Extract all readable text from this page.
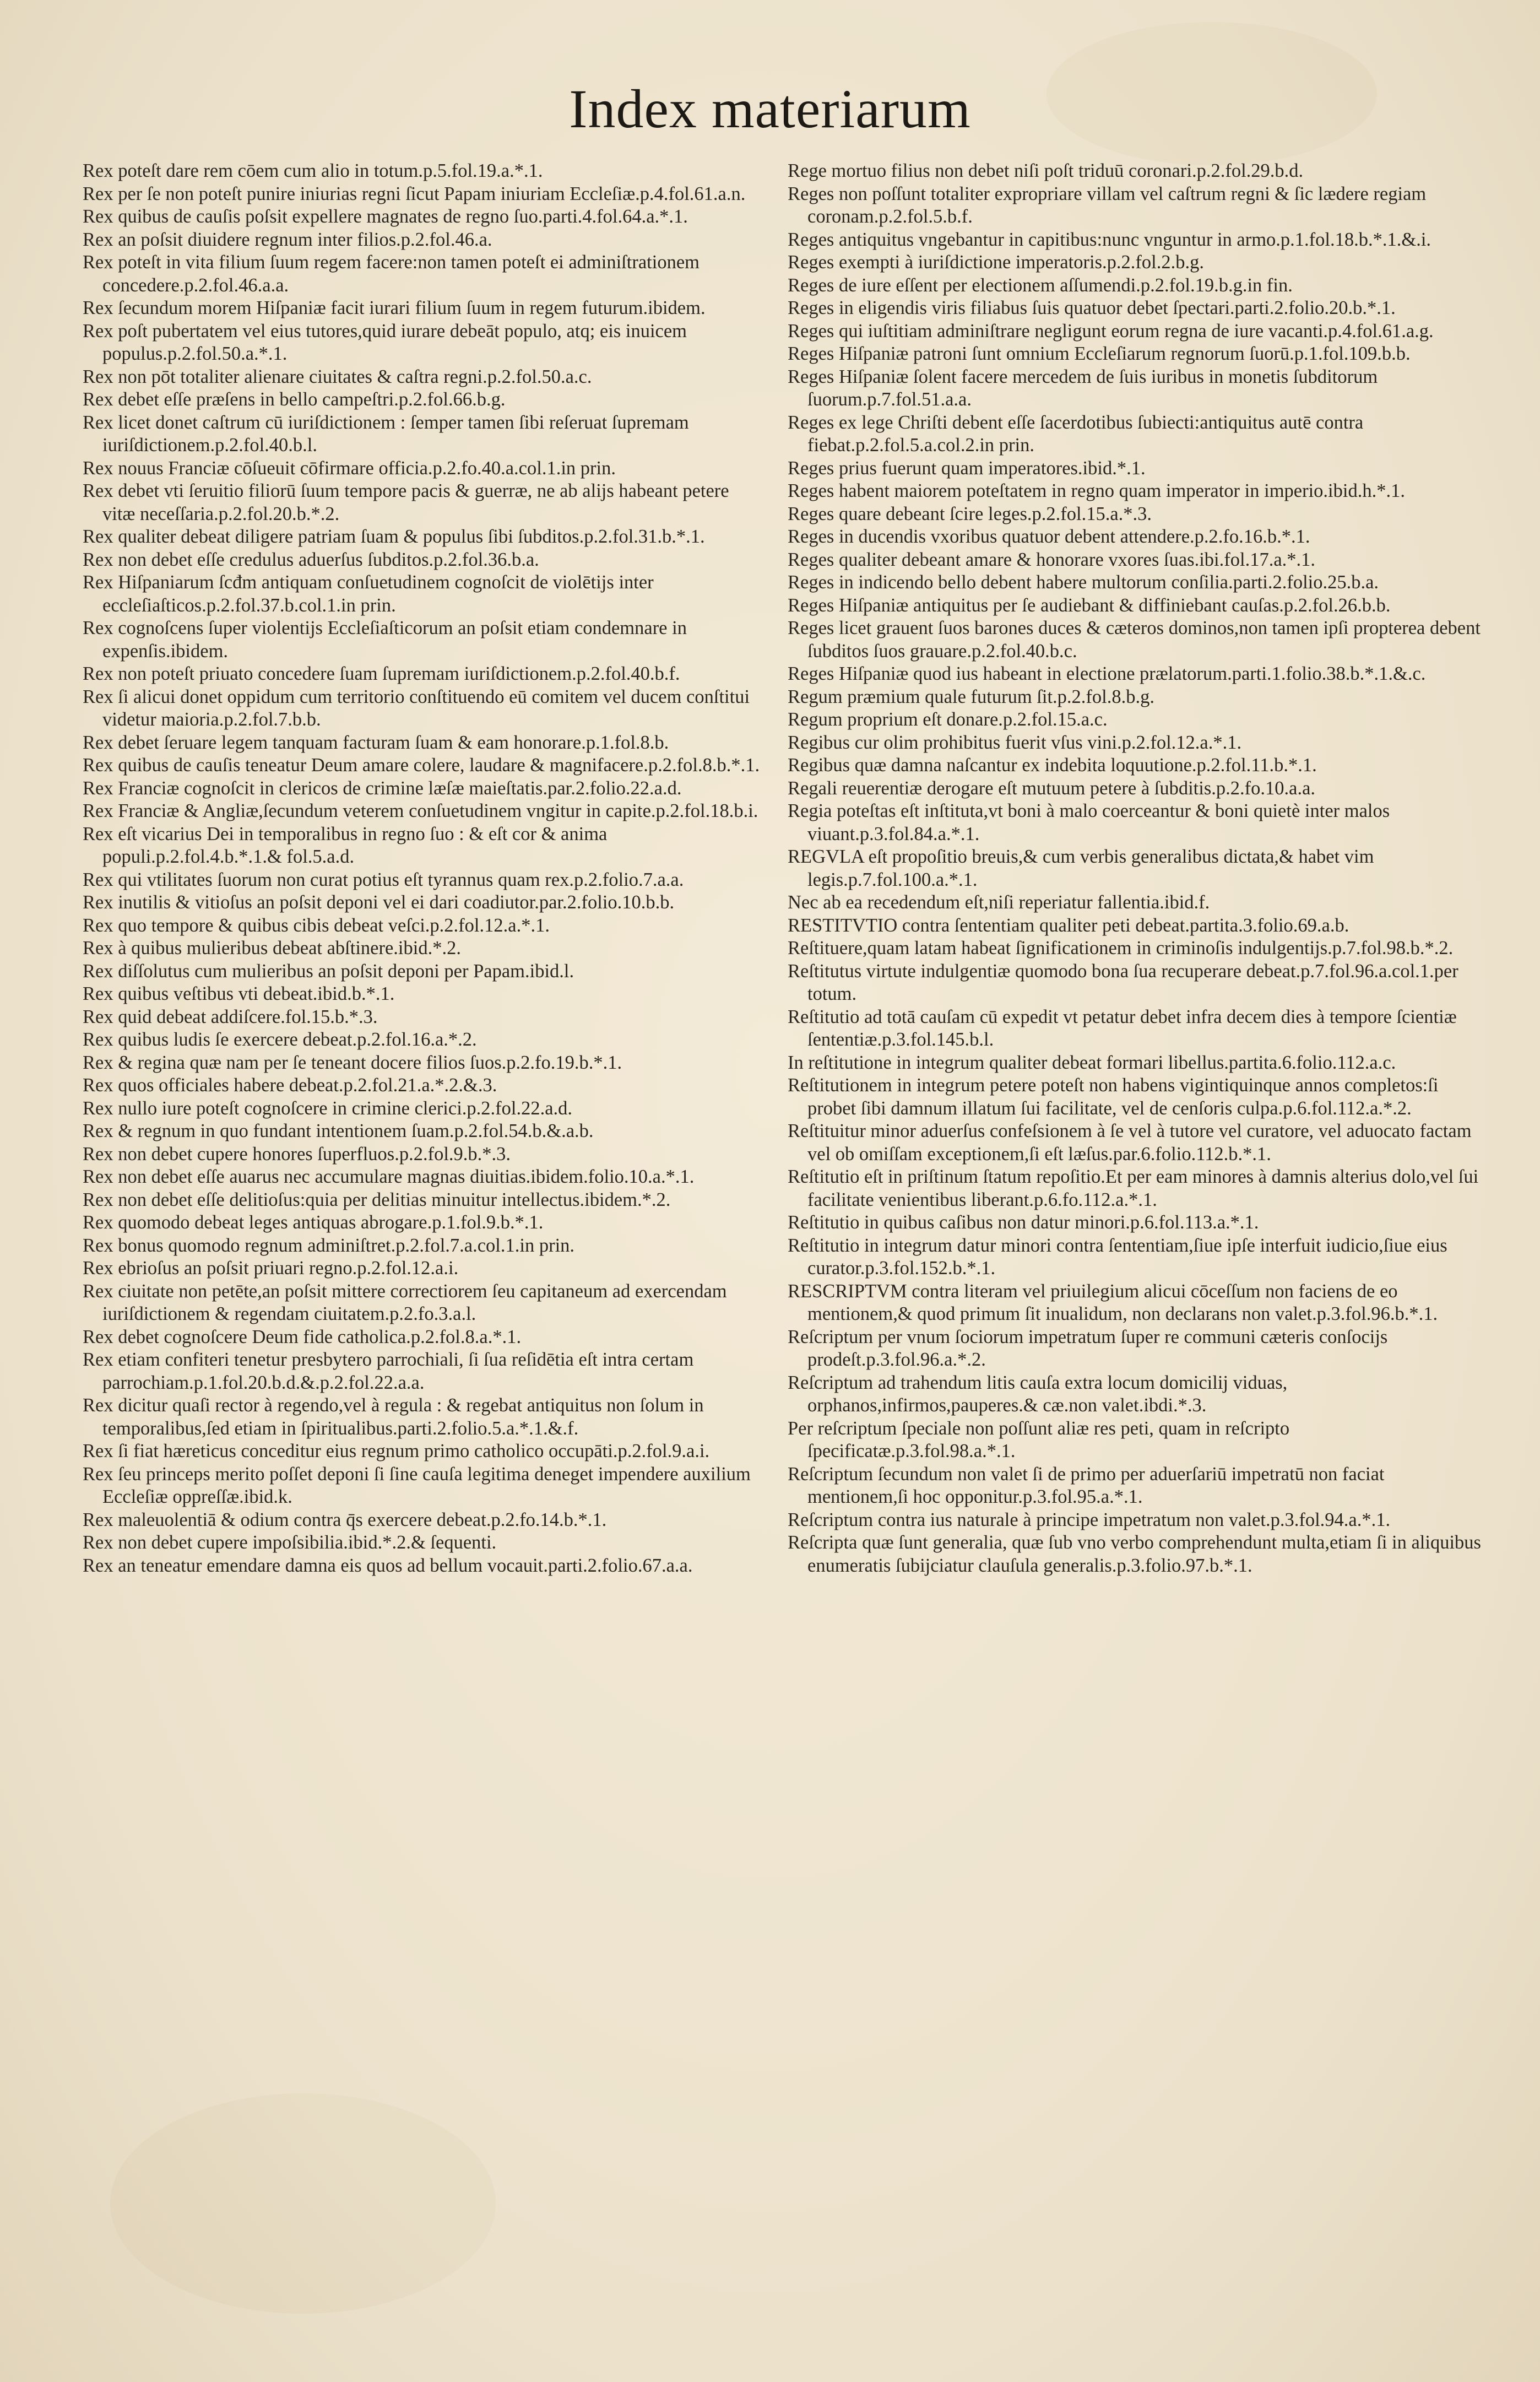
Index materiarum
Rex poteſt dare rem cōem cum alio in totum.p.5.fol.19.a.*.1.
Rex per ſe non poteſt punire iniurias regni ſicut Papam iniuriam Eccleſiæ.p.4.fol.61.a.n.
Rex quibus de cauſis poſsit expellere magnates de regno ſuo.parti.4.fol.64.a.*.1.
Rex an poſsit diuidere regnum inter filios.p.2.fol.46.a.
Rex poteſt in vita filium ſuum regem facere:non tamen poteſt ei adminiſtrationem concedere.p.2.fol.46.a.a.
Rex ſecundum morem Hiſpaniæ facit iurari filium ſuum in regem futurum.ibidem.
Rex poſt pubertatem vel eius tutores,quid iurare debeāt populo, atq; eis inuicem populus.p.2.fol.50.a.*.1.
Rex non pōt totaliter alienare ciuitates & caſtra regni.p.2.fol.50.a.c.
Rex debet eſſe præſens in bello campeſtri.p.2.fol.66.b.g.
Rex licet donet caſtrum cū iuriſdictionem : ſemper tamen ſibi reſeruat ſupremam iuriſdictionem.p.2.fol.40.b.l.
Rex nouus Franciæ cōſueuit cōfirmare officia.p.2.fo.40.a.col.1.in prin.
Rex debet vti ſeruitio filiorū ſuum tempore pacis & guerræ, ne ab alijs habeant petere vitæ neceſſaria.p.2.fol.20.b.*.2.
Rex qualiter debeat diligere patriam ſuam & populus ſibi ſubditos.p.2.fol.31.b.*.1.
Rex non debet eſſe credulus aduerſus ſubditos.p.2.fol.36.b.a.
Rex Hiſpaniarum ſcđm antiquam conſuetudinem cognoſcit de violētijs inter eccleſiaſticos.p.2.fol.37.b.col.1.in prin.
Rex cognoſcens ſuper violentijs Eccleſiaſticorum an poſsit etiam condemnare in expenſis.ibidem.
Rex non poteſt priuato concedere ſuam ſupremam iuriſdictionem.p.2.fol.40.b.f.
Rex ſi alicui donet oppidum cum territorio conſtituendo eū comitem vel ducem conſtitui videtur maioria.p.2.fol.7.b.b.
Rex debet ſeruare legem tanquam facturam ſuam & eam honorare.p.1.fol.8.b.
Rex quibus de cauſis teneatur Deum amare colere, laudare & magnifacere.p.2.fol.8.b.*.1.
Rex Franciæ cognoſcit in clericos de crimine læſæ maieſtatis.par.2.folio.22.a.d.
Rex Franciæ & Angliæ,ſecundum veterem conſuetudinem vngitur in capite.p.2.fol.18.b.i.
Rex eſt vicarius Dei in temporalibus in regno ſuo : & eſt cor & anima populi.p.2.fol.4.b.*.1.& fol.5.a.d.
Rex qui vtilitates ſuorum non curat potius eſt tyrannus quam rex.p.2.folio.7.a.a.
Rex inutilis & vitioſus an poſsit deponi vel ei dari coadiutor.par.2.folio.10.b.b.
Rex quo tempore & quibus cibis debeat veſci.p.2.fol.12.a.*.1.
Rex à quibus mulieribus debeat abſtinere.ibid.*.2.
Rex diſſolutus cum mulieribus an poſsit deponi per Papam.ibid.l.
Rex quibus veſtibus vti debeat.ibid.b.*.1.
Rex quid debeat addiſcere.fol.15.b.*.3.
Rex quibus ludis ſe exercere debeat.p.2.fol.16.a.*.2.
Rex & regina quæ nam per ſe teneant docere filios ſuos.p.2.fo.19.b.*.1.
Rex quos officiales habere debeat.p.2.fol.21.a.*.2.&.3.
Rex nullo iure poteſt cognoſcere in crimine clerici.p.2.fol.22.a.d.
Rex & regnum in quo fundant intentionem ſuam.p.2.fol.54.b.&.a.b.
Rex non debet cupere honores ſuperfluos.p.2.fol.9.b.*.3.
Rex non debet eſſe auarus nec accumulare magnas diuitias.ibidem.folio.10.a.*.1.
Rex non debet eſſe delitioſus:quia per delitias minuitur intellectus.ibidem.*.2.
Rex quomodo debeat leges antiquas abrogare.p.1.fol.9.b.*.1.
Rex bonus quomodo regnum adminiſtret.p.2.fol.7.a.col.1.in prin.
Rex ebrioſus an poſsit priuari regno.p.2.fol.12.a.i.
Rex ciuitate non petēte,an poſsit mittere correctiorem ſeu capitaneum ad exercendam iuriſdictionem & regendam ciuitatem.p.2.fo.3.a.l.
Rex debet cognoſcere Deum fide catholica.p.2.fol.8.a.*.1.
Rex etiam confiteri tenetur presbytero parrochiali, ſi ſua reſidētia eſt intra certam parrochiam.p.1.fol.20.b.d.&.p.2.fol.22.a.a.
Rex dicitur quaſi rector à regendo,vel à regula : & regebat antiquitus non ſolum in temporalibus,ſed etiam in ſpiritualibus.parti.2.folio.5.a.*.1.&.f.
Rex ſi fiat hæreticus conceditur eius regnum primo catholico occupāti.p.2.fol.9.a.i.
Rex ſeu princeps merito poſſet deponi ſi ſine cauſa legitima deneget impendere auxilium Eccleſiæ oppreſſæ.ibid.k.
Rex maleuolentiā & odium contra q̄s exercere debeat.p.2.fo.14.b.*.1.
Rex non debet cupere impoſsibilia.ibid.*.2.& ſequenti.
Rex an teneatur emendare damna eis quos ad bellum vocauit.parti.2.folio.67.a.a.
Rege mortuo filius non debet niſi poſt triduū coronari.p.2.fol.29.b.d.
Reges non poſſunt totaliter expropriare villam vel caſtrum regni & ſic lædere regiam coronam.p.2.fol.5.b.f.
Reges antiquitus vngebantur in capitibus:nunc vnguntur in armo.p.1.fol.18.b.*.1.&.i.
Reges exempti à iuriſdictione imperatoris.p.2.fol.2.b.g.
Reges de iure eſſent per electionem aſſumendi.p.2.fol.19.b.g.in fin.
Reges in eligendis viris filiabus ſuis quatuor debet ſpectari.parti.2.folio.20.b.*.1.
Reges qui iuſtitiam adminiſtrare negligunt eorum regna de iure vacanti.p.4.fol.61.a.g.
Reges Hiſpaniæ patroni ſunt omnium Eccleſiarum regnorum ſuorū.p.1.fol.109.b.b.
Reges Hiſpaniæ ſolent facere mercedem de ſuis iuribus in monetis ſubditorum ſuorum.p.7.fol.51.a.a.
Reges ex lege Chriſti debent eſſe ſacerdotibus ſubiecti:antiquitus autē contra fiebat.p.2.fol.5.a.col.2.in prin.
Reges prius fuerunt quam imperatores.ibid.*.1.
Reges habent maiorem poteſtatem in regno quam imperator in imperio.ibid.h.*.1.
Reges quare debeant ſcire leges.p.2.fol.15.a.*.3.
Reges in ducendis vxoribus quatuor debent attendere.p.2.fo.16.b.*.1.
Reges qualiter debeant amare & honorare vxores ſuas.ibi.fol.17.a.*.1.
Reges in indicendo bello debent habere multorum conſilia.parti.2.folio.25.b.a.
Reges Hiſpaniæ antiquitus per ſe audiebant & diffiniebant cauſas.p.2.fol.26.b.b.
Reges licet grauent ſuos barones duces & cæteros dominos,non tamen ipſi propterea debent ſubditos ſuos grauare.p.2.fol.40.b.c.
Reges Hiſpaniæ quod ius habeant in electione prælatorum.parti.1.folio.38.b.*.1.&.c.
Regum præmium quale futurum ſit.p.2.fol.8.b.g.
Regum proprium eſt donare.p.2.fol.15.a.c.
Regibus cur olim prohibitus fuerit vſus vini.p.2.fol.12.a.*.1.
Regibus quæ damna naſcantur ex indebita loquutione.p.2.fol.11.b.*.1.
Regali reuerentiæ derogare eſt mutuum petere à ſubditis.p.2.fo.10.a.a.
Regia poteſtas eſt inſtituta,vt boni à malo coerceantur & boni quietè inter malos viuant.p.3.fol.84.a.*.1.
REGVLA eſt propoſitio breuis,& cum verbis generalibus dictata,& habet vim legis.p.7.fol.100.a.*.1.
Nec ab ea recedendum eſt,niſi reperiatur fallentia.ibid.f.
RESTITVTIO contra ſententiam qualiter peti debeat.partita.3.folio.69.a.b.
Reſtituere,quam latam habeat ſignificationem in criminoſis indulgentijs.p.7.fol.98.b.*.2.
Reſtitutus virtute indulgentiæ quomodo bona ſua recuperare debeat.p.7.fol.96.a.col.1.per totum.
Reſtitutio ad totā cauſam cū expedit vt petatur debet infra decem dies à tempore ſcientiæ ſententiæ.p.3.fol.145.b.l.
In reſtitutione in integrum qualiter debeat formari libellus.partita.6.folio.112.a.c.
Reſtitutionem in integrum petere poteſt non habens vigintiquinque annos completos:ſi probet ſibi damnum illatum ſui facilitate, vel de cenſoris culpa.p.6.fol.112.a.*.2.
Reſtituitur minor aduerſus confeſsionem à ſe vel à tutore vel curatore, vel aduocato factam vel ob omiſſam exceptionem,ſi eſt læſus.par.6.folio.112.b.*.1.
Reſtitutio eſt in priſtinum ſtatum repoſitio.Et per eam minores à damnis alterius dolo,vel ſui facilitate venientibus liberant.p.6.fo.112.a.*.1.
Reſtitutio in quibus caſibus non datur minori.p.6.fol.113.a.*.1.
Reſtitutio in integrum datur minori contra ſententiam,ſiue ipſe interfuit iudicio,ſiue eius curator.p.3.fol.152.b.*.1.
RESCRIPTVM contra literam vel priuilegium alicui cōceſſum non faciens de eo mentionem,& quod primum ſit inualidum, non declarans non valet.p.3.fol.96.b.*.1.
Reſcriptum per vnum ſociorum impetratum ſuper re communi cæteris conſocijs prodeſt.p.3.fol.96.a.*.2.
Reſcriptum ad trahendum litis cauſa extra locum domicilij viduas, orphanos,infirmos,pauperes.& cæ.non valet.ibdi.*.3.
Per reſcriptum ſpeciale non poſſunt aliæ res peti, quam in reſcripto ſpecificatæ.p.3.fol.98.a.*.1.
Reſcriptum ſecundum non valet ſi de primo per aduerſariū impetratū non faciat mentionem,ſi hoc opponitur.p.3.fol.95.a.*.1.
Reſcriptum contra ius naturale à principe impetratum non valet.p.3.fol.94.a.*.1.
Reſcripta quæ ſunt generalia, quæ ſub vno verbo comprehendunt multa,etiam ſi in aliquibus enumeratis ſubijciatur clauſula generalis.p.3.folio.97.b.*.1.
